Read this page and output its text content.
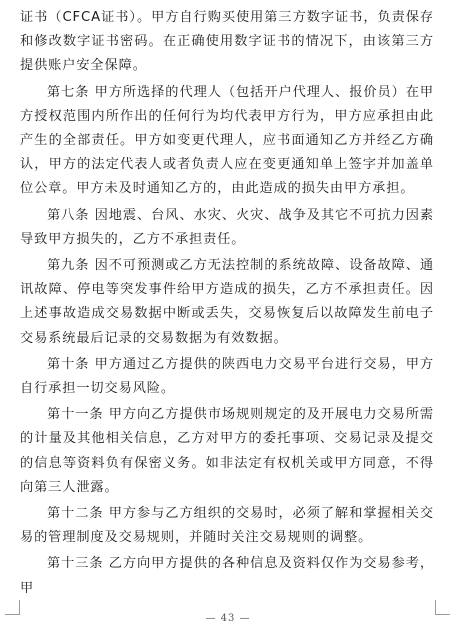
证书（CFCA证书）。甲方自行购买使用第三方数字证书，负责保存和修改数字证书密码。在正确使用数字证书的情况下，由该第三方提供账户安全保障。

第七条 甲方所选择的代理人（包括开户代理人、报价员）在甲方授权范围内所作出的任何行为均代表甲方行为，甲方应承担由此产生的全部责任。甲方如变更代理人，应书面通知乙方并经乙方确认，甲方的法定代表人或者负责人应在变更通知单上签字并加盖单位公章。甲方未及时通知乙方的，由此造成的损失由甲方承担。

第八条 因地震、台风、水灾、火灾、战争及其它不可抗力因素导致甲方损失的，乙方不承担责任。

第九条 因不可预测或乙方无法控制的系统故障、设备故障、通讯故障、停电等突发事件给甲方造成的损失，乙方不承担责任。因上述事故造成交易数据中断或丢失，交易恢复后以故障发生前电子交易系统最后记录的交易数据为有效数据。

第十条 甲方通过乙方提供的陕西电力交易平台进行交易，甲方自行承担一切交易风险。

第十一条 甲方向乙方提供市场规则规定的及开展电力交易所需的计量及其他相关信息，乙方对甲方的委托事项、交易记录及提交的信息等资料负有保密义务。如非法定有权机关或甲方同意，不得向第三人泄露。

第十二条 甲方参与乙方组织的交易时，必须了解和掌握相关交易的管理制度及交易规则，并随时关注交易规则的调整。

第十三条 乙方向甲方提供的各种信息及资料仅作为交易参考，甲

— 43 —
